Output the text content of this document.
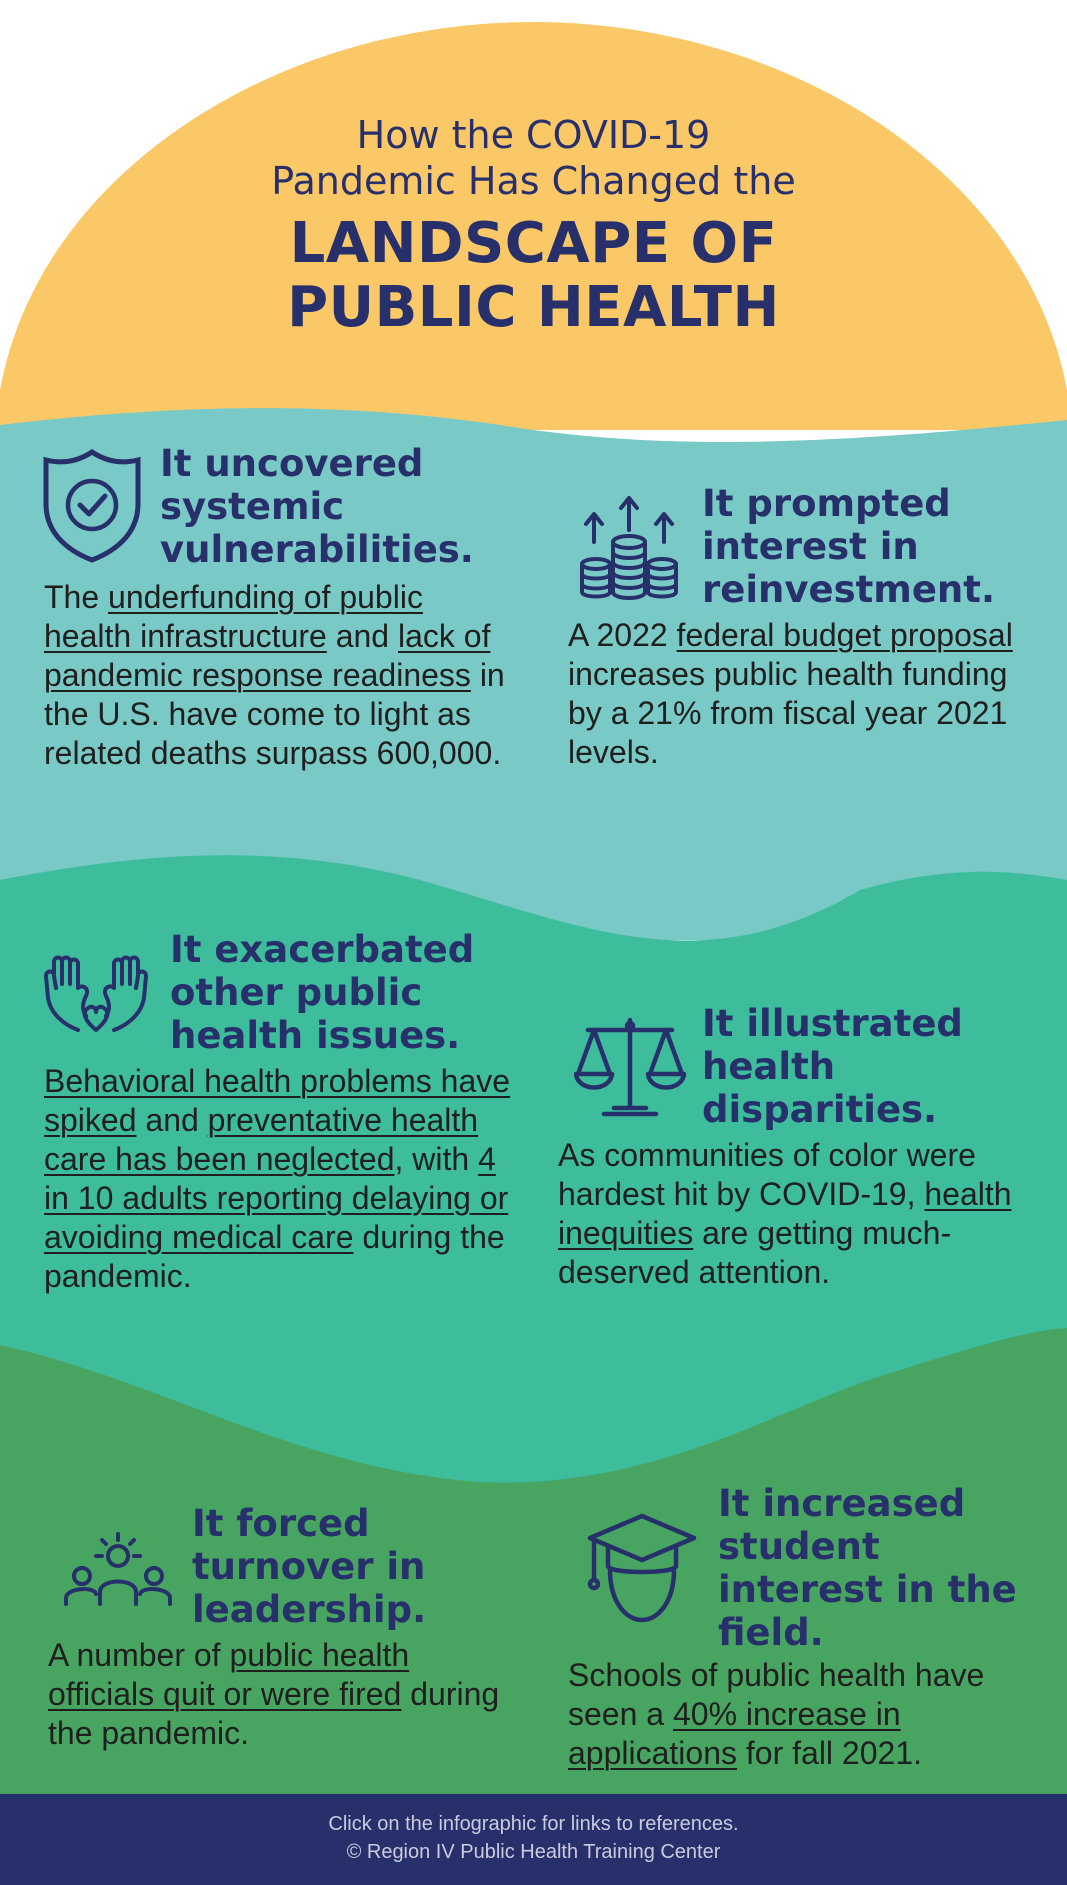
How the COVID-19
Pandemic Has Changed the
LANDSCAPE OF
PUBLIC HEALTH
It uncovered
systemic
vulnerabilities.
The underfunding of public health infrastructure and lack of pandemic response readiness in the U.S. have come to light as related deaths surpass 600,000.
It prompted
interest in
reinvestment.
A 2022 federal budget proposal increases public health funding by a 21% from fiscal year 2021 levels.
It exacerbated
other public
health issues.
Behavioral health problems have spiked and preventative health care has been neglected, with 4 in 10 adults reporting delaying or avoiding medical care during the pandemic.
It illustrated
health
disparities.
As communities of color were hardest hit by COVID-19, health inequities are getting much-deserved attention.
It forced
turnover in
leadership.
A number of public health officials quit or were fired during the pandemic.
It increased
student
interest in the
field.
Schools of public health have seen a 40% increase in applications for fall 2021.
Click on the infographic for links to references.
© Region IV Public Health Training Center
